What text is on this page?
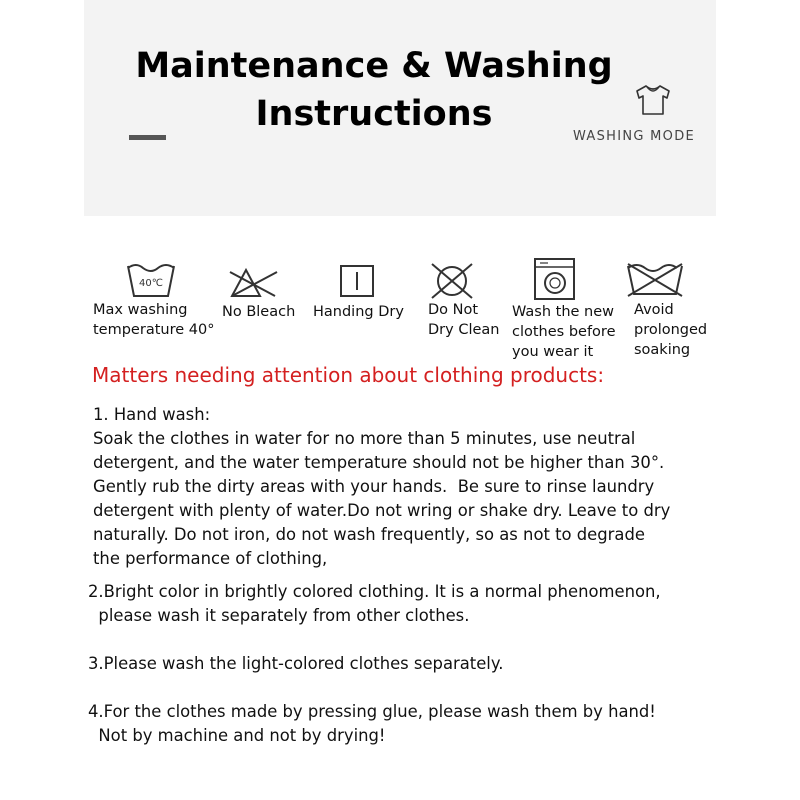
Maintenance & Washing
Instructions
WASHING MODE
40℃
Max washing
temperature 40°
No Bleach Handing Dry Do Not
Dry Clean
Wash the new
clothes before
you wear it
Avoid
prolonged
soaking
Matters needing attention about clothing products:
1. Hand wash:
Soak the clothes in water for no more than 5 minutes, use neutral
detergent, and the water temperature should not be higher than 30°.
Gently rub the dirty areas with your hands.  Be sure to rinse laundry
detergent with plenty of water.Do not wring or shake dry. Leave to dry
naturally. Do not iron, do not wash frequently, so as not to degrade
the performance of clothing,
2.Bright color in brightly colored clothing. It is a normal phenomenon,
please wash it separately from other clothes.
3.Please wash the light-colored clothes separately.
4.For the clothes made by pressing glue, please wash them by hand!
Not by machine and not by drying!
